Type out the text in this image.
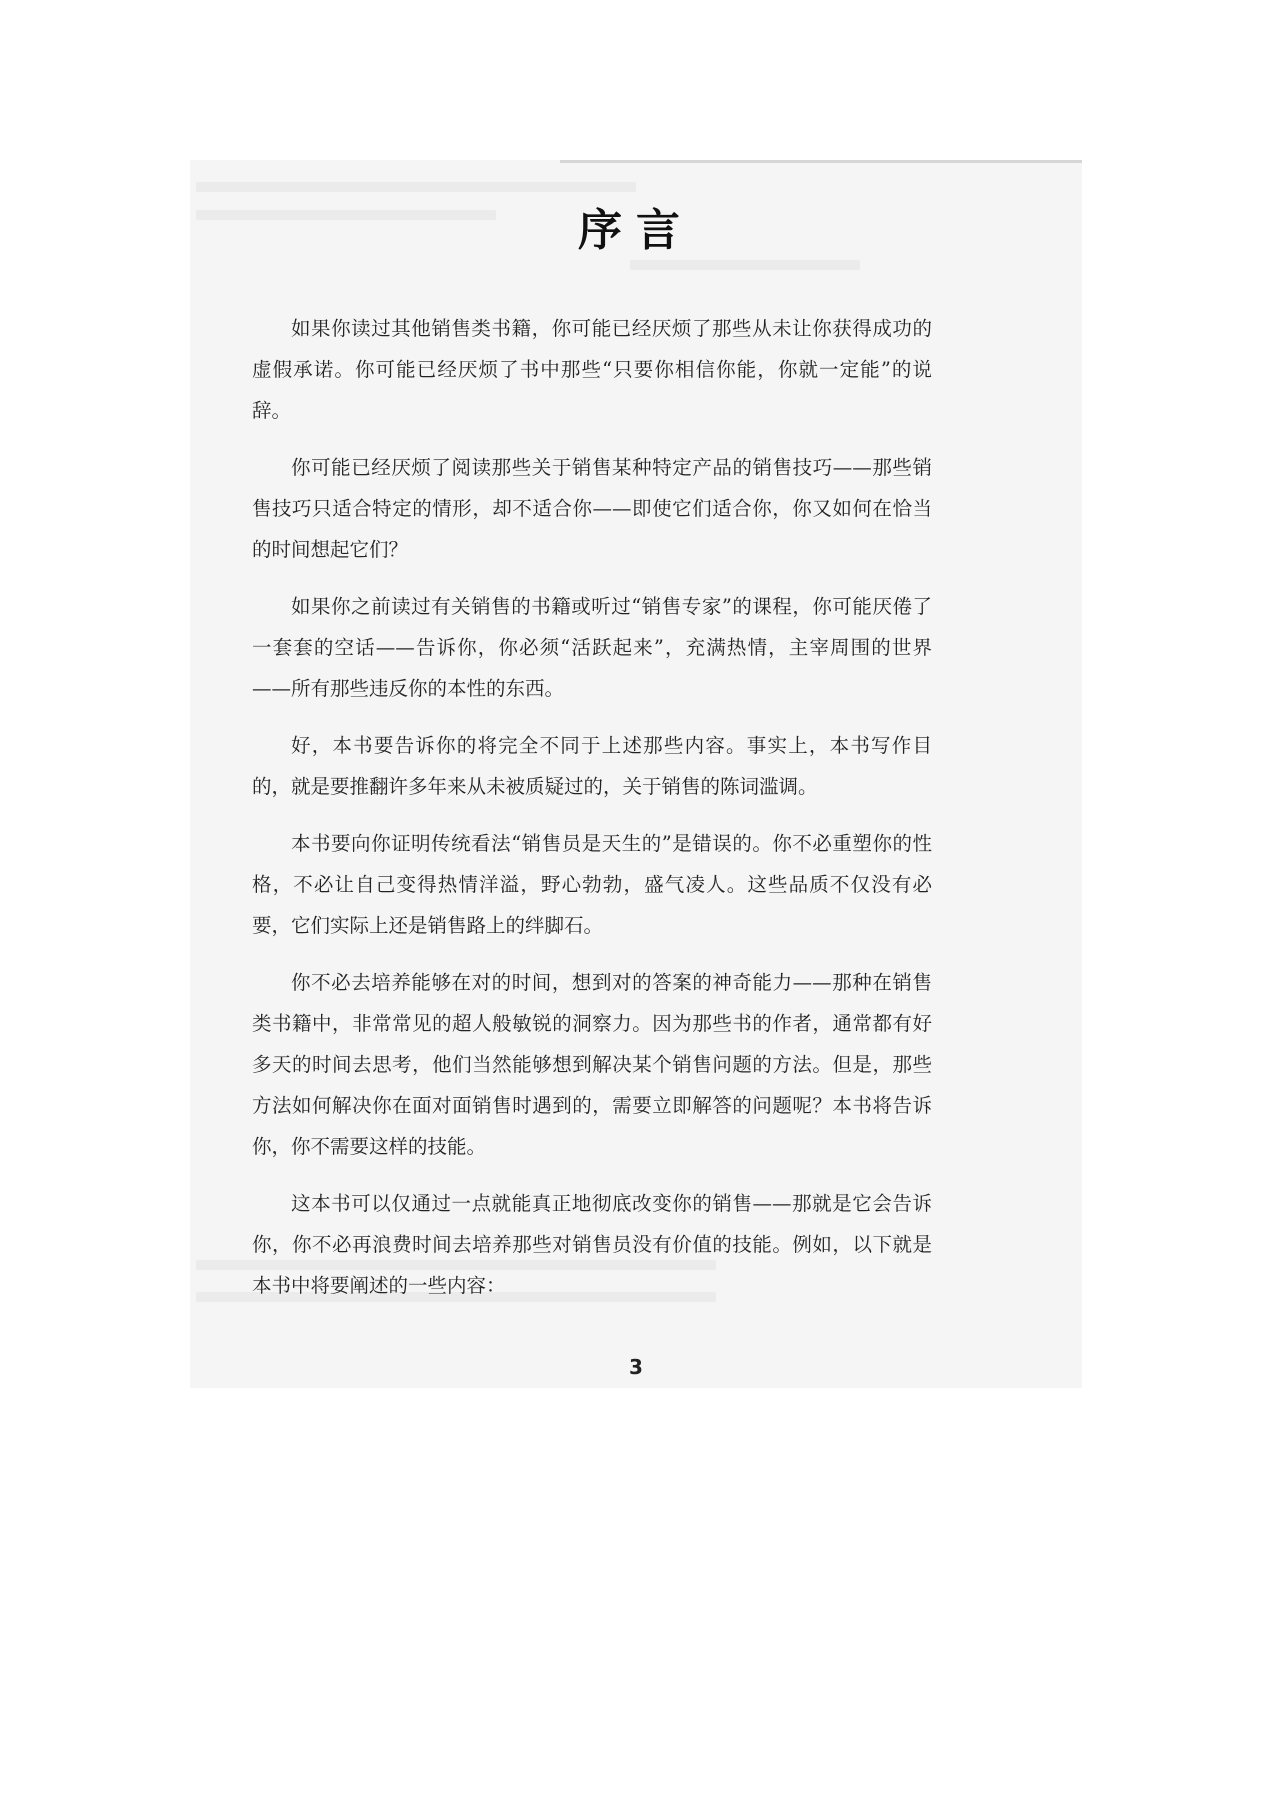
序言

如果你读过其他销售类书籍，你可能已经厌烦了那些从未让你获得成功的虚假承诺。你可能已经厌烦了书中那些“只要你相信你能，你就一定能”的说辞。

你可能已经厌烦了阅读那些关于销售某种特定产品的销售技巧——那些销售技巧只适合特定的情形，却不适合你——即使它们适合你，你又如何在恰当的时间想起它们？

如果你之前读过有关销售的书籍或听过“销售专家”的课程，你可能厌倦了一套套的空话——告诉你，你必须“活跃起来”，充满热情，主宰周围的世界——所有那些违反你的本性的东西。

好，本书要告诉你的将完全不同于上述那些内容。事实上，本书写作目的，就是要推翻许多年来从未被质疑过的，关于销售的陈词滥调。

本书要向你证明传统看法“销售员是天生的”是错误的。你不必重塑你的性格，不必让自己变得热情洋溢，野心勃勃，盛气凌人。这些品质不仅没有必要，它们实际上还是销售路上的绊脚石。

你不必去培养能够在对的时间，想到对的答案的神奇能力——那种在销售类书籍中，非常常见的超人般敏锐的洞察力。因为那些书的作者，通常都有好多天的时间去思考，他们当然能够想到解决某个销售问题的方法。但是，那些方法如何解决你在面对面销售时遇到的，需要立即解答的问题呢？本书将告诉你，你不需要这样的技能。

这本书可以仅通过一点就能真正地彻底改变你的销售——那就是它会告诉你，你不必再浪费时间去培养那些对销售员没有价值的技能。例如，以下就是本书中将要阐述的一些内容：

3
